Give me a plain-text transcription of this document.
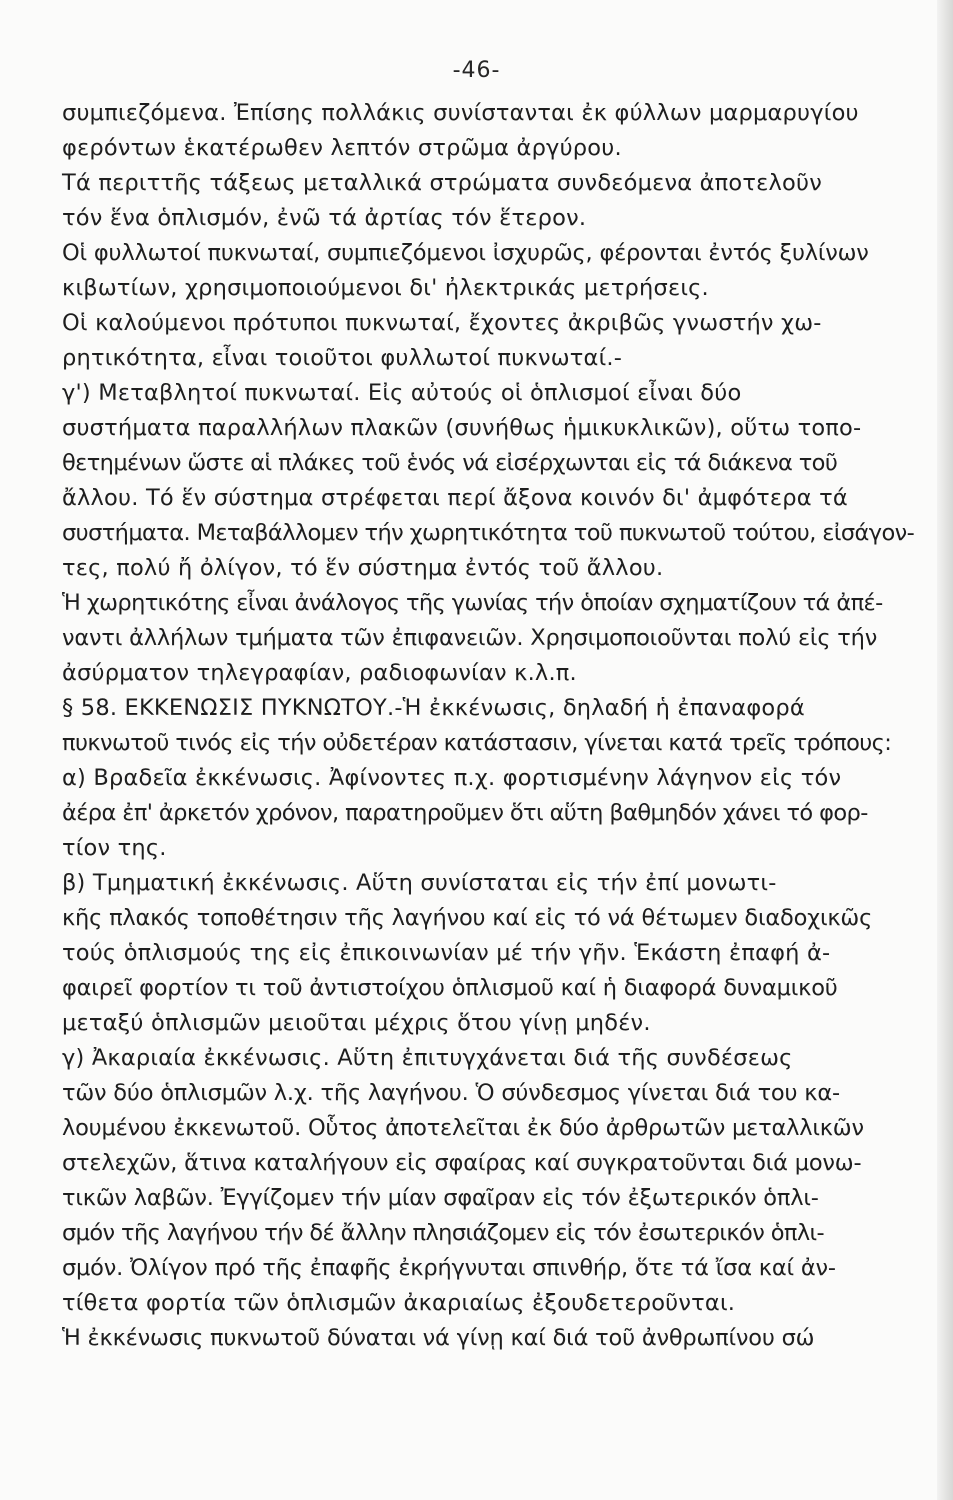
-46-
συμπιεζόμενα. Ἐπίσης πολλάκις συνίστανται ἐκ φύλλων μαρμαρυγίου
φερόντων ἑκατέρωθεν λεπτόν στρῶμα ἀργύρου.
Τά περιττῆς τάξεως μεταλλικά στρώματα συνδεόμενα ἀποτελοῦν
τόν ἕνα ὁπλισμόν, ἐνῶ τά ἀρτίας τόν ἕτερον.
Οἱ φυλλωτοί πυκνωταί, συμπιεζόμενοι ἰσχυρῶς, φέρονται ἐντός ξυλίνων
κιβωτίων, χρησιμοποιούμενοι δι' ἠλεκτρικάς μετρήσεις.
Οἱ καλούμενοι πρότυποι πυκνωταί, ἔχοντες ἀκριβῶς γνωστήν χω-
ρητικότητα, εἶναι τοιοῦτοι φυλλωτοί πυκνωταί.-
γ') Μεταβλητοί πυκνωταί. Εἰς αὐτούς οἱ ὁπλισμοί εἶναι δύο
συστήματα παραλλήλων πλακῶν (συνήθως ἡμικυκλικῶν), οὕτω τοπο-
θετημένων ὥστε αἱ πλάκες τοῦ ἑνός νά εἰσέρχωνται εἰς τά διάκενα τοῦ
ἄλλου. Τό ἕν σύστημα στρέφεται περί ἄξονα κοινόν δι' ἀμφότερα τά
συστήματα. Μεταβάλλομεν τήν χωρητικότητα τοῦ πυκνωτοῦ τούτου, εἰσάγον-
τες, πολύ ἤ ὀλίγον, τό ἕν σύστημα ἐντός τοῦ ἄλλου.
Ἡ χωρητικότης εἶναι ἀνάλογος τῆς γωνίας τήν ὁποίαν σχηματίζουν τά ἀπέ-
ναντι ἀλλήλων τμήματα τῶν ἐπιφανειῶν. Χρησιμοποιοῦνται πολύ εἰς τήν
ἀσύρματον τηλεγραφίαν, ραδιοφωνίαν κ.λ.π.
§ 58. ΕΚΚΕΝΩΣΙΣ ΠΥΚΝΩΤΟΥ.-Ἡ ἐκκένωσις, δηλαδή ἡ ἐπαναφορά
πυκνωτοῦ τινός εἰς τήν οὐδετέραν κατάστασιν, γίνεται κατά τρεῖς τρόπους:
α) Βραδεῖα ἐκκένωσις. Ἀφίνοντες π.χ. φορτισμένην λάγηνον εἰς τόν
ἀέρα ἐπ' ἀρκετόν χρόνον, παρατηροῦμεν ὅτι αὕτη βαθμηδόν χάνει τό φορ-
τίον της.
β) Τμηματική ἐκκένωσις. Αὕτη συνίσταται εἰς τήν ἐπί μονωτι-
κῆς πλακός τοποθέτησιν τῆς λαγήνου καί εἰς τό νά θέτωμεν διαδοχικῶς
τούς ὁπλισμούς της εἰς ἐπικοινωνίαν μέ τήν γῆν. Ἑκάστη ἐπαφή ἀ-
φαιρεῖ φορτίον τι τοῦ ἀντιστοίχου ὁπλισμοῦ καί ἡ διαφορά δυναμικοῦ
μεταξύ ὁπλισμῶν μειοῦται μέχρις ὅτου γίνῃ μηδέν.
γ) Ἀκαριαία ἐκκένωσις. Αὕτη ἐπιτυγχάνεται διά τῆς συνδέσεως
τῶν δύο ὁπλισμῶν λ.χ. τῆς λαγήνου. Ὁ σύνδεσμος γίνεται διά του κα-
λουμένου ἐκκενωτοῦ. Οὗτος ἀποτελεῖται ἐκ δύο ἀρθρωτῶν μεταλλικῶν
στελεχῶν, ἅτινα καταλήγουν εἰς σφαίρας καί συγκρατοῦνται διά μονω-
τικῶν λαβῶν. Ἐγγίζομεν τήν μίαν σφαῖραν εἰς τόν ἐξωτερικόν ὁπλι-
σμόν τῆς λαγήνου τήν δέ ἄλλην πλησιάζομεν εἰς τόν ἐσωτερικόν ὁπλι-
σμόν. Ὀλίγον πρό τῆς ἐπαφῆς ἐκρήγνυται σπινθήρ, ὅτε τά ἴσα καί ἀν-
τίθετα φορτία τῶν ὁπλισμῶν ἀκαριαίως ἐξουδετεροῦνται.
Ἡ ἐκκένωσις πυκνωτοῦ δύναται νά γίνῃ καί διά τοῦ ἀνθρωπίνου σώ
